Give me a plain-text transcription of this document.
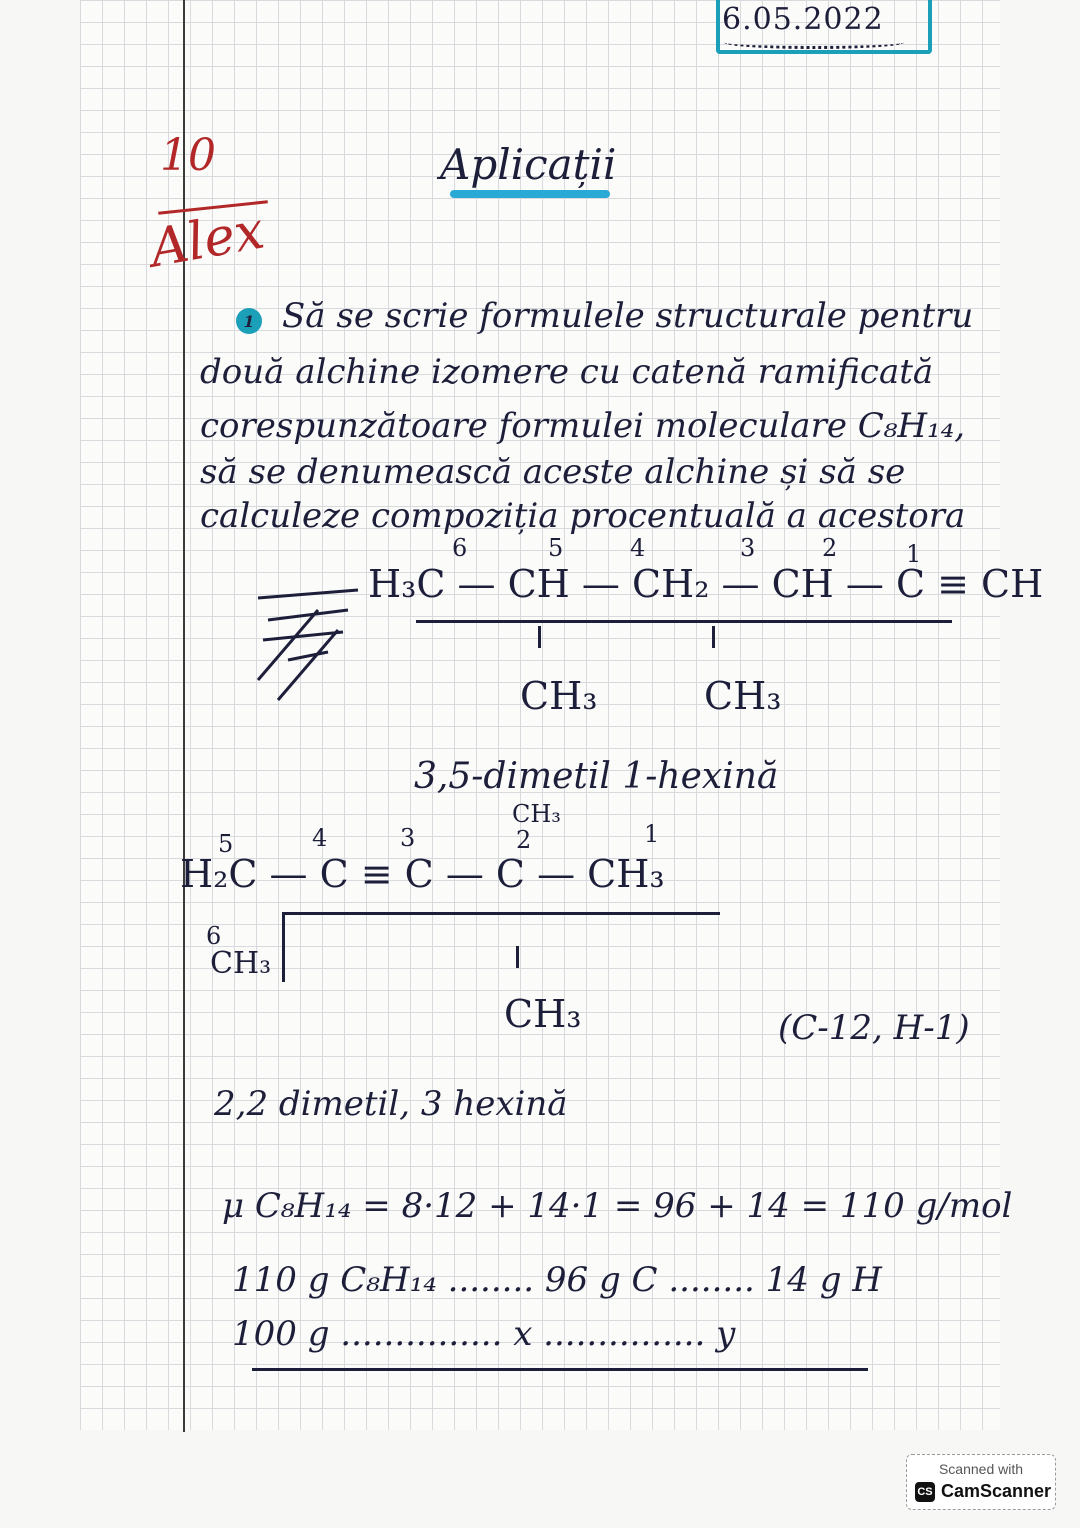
6.05.2022
10
Alex
Aplicații
1 Să se scrie formulele structurale pentru
două alchine izomere cu catenă ramificată
corespunzătoare formulei moleculare C₈H₁₄,
să se denumească aceste alchine și să se
calculeze compoziția procentuală a acestora
6	5	4	3	2	1
H₃C — CH — CH₂ — CH — C ≡ CH
CH₃	CH₃
3,5-dimetil 1-hexină
CH₃
5	4	3	2	1
H₂C — C ≡ C — C — CH₃
6
CH₃
CH₃	(C-12, H-1)
2,2 dimetil, 3 hexină
μ C₈H₁₄ = 8·12 + 14·1 = 96 + 14 = 110 g/mol
110 g C₈H₁₄ ........ 96 g C ........ 14 g H
100 g ............... x ............... y
Scanned with
CS CamScanner
